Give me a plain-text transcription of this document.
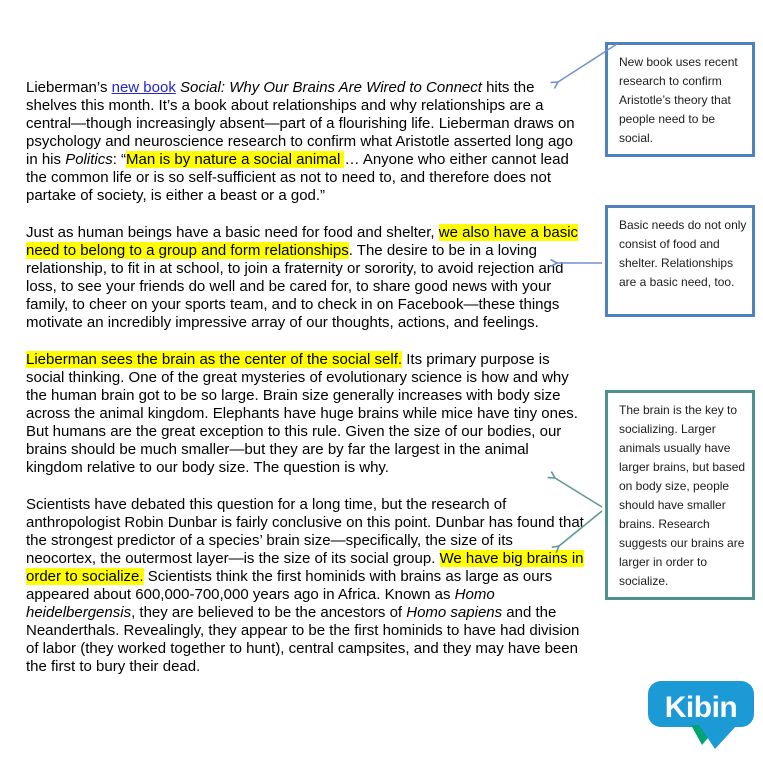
Lieberman’s new book Social: Why Our Brains Are Wired to Connect hits the shelves this month. It’s a book about relationships and why relationships are a central—though increasingly absent—part of a flourishing life. Lieberman draws on psychology and neuroscience research to confirm what Aristotle asserted long ago in his Politics: “Man is by nature a social animal … Anyone who either cannot lead the common life or is so self-sufficient as not to need to, and therefore does not partake of society, is either a beast or a god.”

Just as human beings have a basic need for food and shelter, we also have a basic need to belong to a group and form relationships. The desire to be in a loving relationship, to fit in at school, to join a fraternity or sorority, to avoid rejection and loss, to see your friends do well and be cared for, to share good news with your family, to cheer on your sports team, and to check in on Facebook—these things motivate an incredibly impressive array of our thoughts, actions, and feelings.

Lieberman sees the brain as the center of the social self. Its primary purpose is social thinking. One of the great mysteries of evolutionary science is how and why the human brain got to be so large. Brain size generally increases with body size across the animal kingdom. Elephants have huge brains while mice have tiny ones. But humans are the great exception to this rule. Given the size of our bodies, our brains should be much smaller—but they are by far the largest in the animal kingdom relative to our body size. The question is why.

Scientists have debated this question for a long time, but the research of anthropologist Robin Dunbar is fairly conclusive on this point. Dunbar has found that the strongest predictor of a species’ brain size—specifically, the size of its neocortex, the outermost layer—is the size of its social group. We have big brains in order to socialize. Scientists think the first hominids with brains as large as ours appeared about 600,000-700,000 years ago in Africa. Known as Homo heidelbergensis, they are believed to be the ancestors of Homo sapiens and the Neanderthals. Revealingly, they appear to be the first hominids to have had division of labor (they worked together to hunt), central campsites, and they may have been the first to bury their dead.

New book uses recent research to confirm Aristotle’s theory that people need to be social.
Basic needs do not only consist of food and shelter. Relationships are a basic need, too.
The brain is the key to socializing. Larger animals usually have larger brains, but based on body size, people should have smaller brains. Research suggests our brains are larger in order to socialize.
Kibin
